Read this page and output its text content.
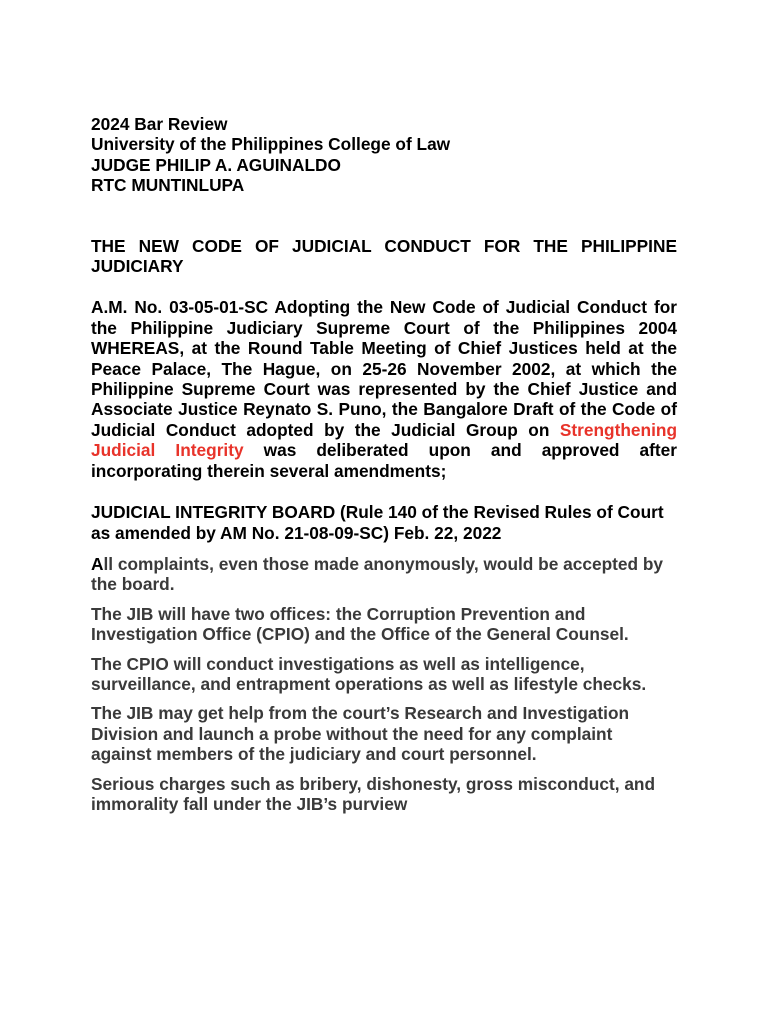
2024 Bar Review
University of the Philippines College of Law
JUDGE PHILIP A. AGUINALDO
RTC MUNTINLUPA
THE NEW CODE OF JUDICIAL CONDUCT FOR THE PHILIPPINE JUDICIARY
A.M. No. 03-05-01-SC Adopting the New Code of Judicial Conduct for the Philippine Judiciary Supreme Court of the Philippines 2004 WHEREAS, at the Round Table Meeting of Chief Justices held at the Peace Palace, The Hague, on 25-26 November 2002, at which the Philippine Supreme Court was represented by the Chief Justice and Associate Justice Reynato S. Puno, the Bangalore Draft of the Code of Judicial Conduct adopted by the Judicial Group on Strengthening Judicial Integrity was deliberated upon and approved after incorporating therein several amendments;
JUDICIAL INTEGRITY BOARD (Rule 140 of the Revised Rules of Court as amended by AM No. 21-08-09-SC) Feb. 22, 2022
All complaints, even those made anonymously, would be accepted by the board.
The JIB will have two offices: the Corruption Prevention and Investigation Office (CPIO) and the Office of the General Counsel.
The CPIO will conduct investigations as well as intelligence, surveillance, and entrapment operations as well as lifestyle checks.
The JIB may get help from the court’s Research and Investigation Division and launch a probe without the need for any complaint against members of the judiciary and court personnel.
Serious charges such as bribery, dishonesty, gross misconduct, and immorality fall under the JIB’s purview
